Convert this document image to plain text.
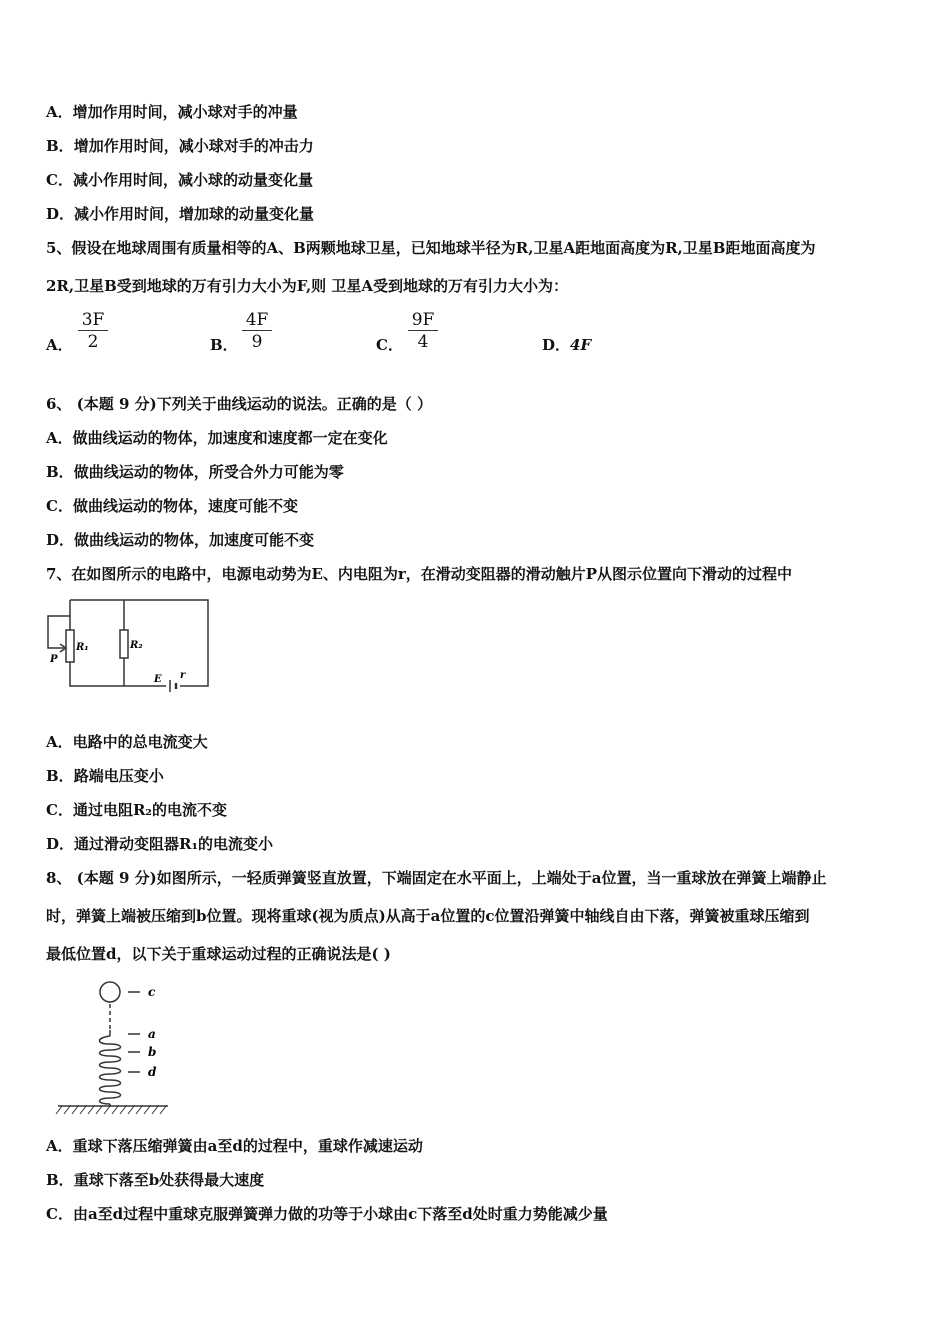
A．增加作用时间，减小球对手的冲量
B．增加作用时间，减小球对手的冲击力
C．减小作用时间，减小球的动量变化量
D．减小作用时间，增加球的动量变化量
5、假设在地球周围有质量相等的A、B两颗地球卫星，已知地球半径为R,卫星A距地面高度为R,卫星B距地面高度为
2R,卫星B受到地球的万有引力大小为F,则 卫星A受到地球的万有引力大小为：
A． $\frac{3F}{2}$	B． $\frac{4F}{9}$	C． $\frac{9F}{4}$	D．4F
6、 (本题 9 分)下列关于曲线运动的说法。正确的是（ ）
A．做曲线运动的物体，加速度和速度都一定在变化
B．做曲线运动的物体，所受合外力可能为零
C．做曲线运动的物体，速度可能不变
D．做曲线运动的物体，加速度可能不变
7、在如图所示的电路中，电源电动势为E、内电阻为r，在滑动变阻器的滑动触片P从图示位置向下滑动的过程中
P
R₁	R₂
E r
A．电路中的总电流变大
B．路端电压变小
C．通过电阻R₂的电流不变
D．通过滑动变阻器R₁的电流变小
8、 (本题 9 分)如图所示，一轻质弹簧竖直放置，下端固定在水平面上，上端处于a位置，当一重球放在弹簧上端静止
时，弹簧上端被压缩到b位置。现将重球(视为质点)从高于a位置的c位置沿弹簧中轴线自由下落，弹簧被重球压缩到
最低位置d，以下关于重球运动过程的正确说法是( )
c
a
b
d
A．重球下落压缩弹簧由a至d的过程中，重球作减速运动
B．重球下落至b处获得最大速度
C．由a至d过程中重球克服弹簧弹力做的功等于小球由c下落至d处时重力势能减少量
